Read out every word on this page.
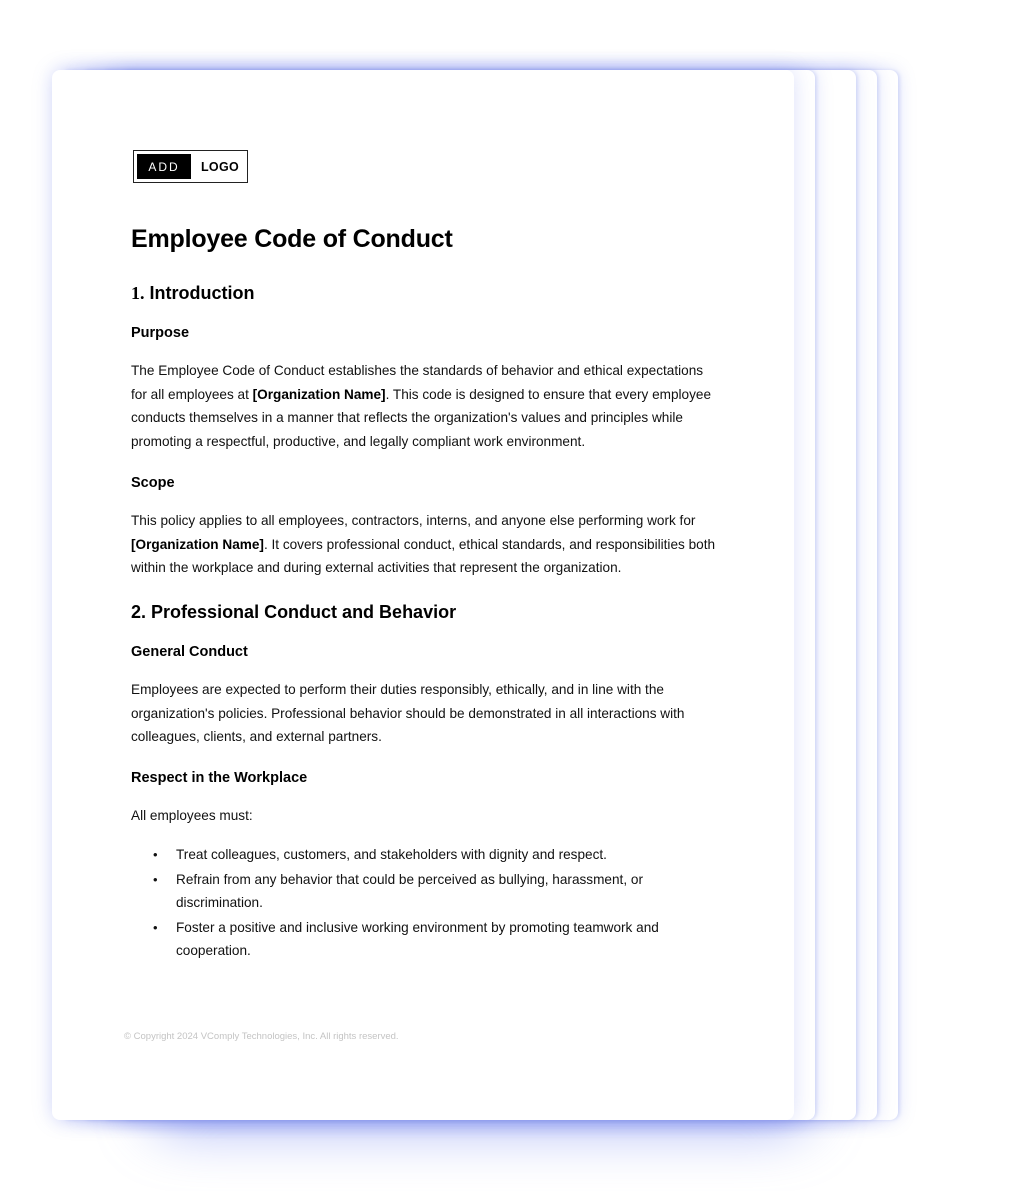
ADD	LOGO
Employee Code of Conduct
1. Introduction
Purpose

The Employee Code of Conduct establishes the standards of behavior and ethical expectations for all employees at [Organization Name]. This code is designed to ensure that every employee conducts themselves in a manner that reflects the organization's values and principles while promoting a respectful, productive, and legally compliant work environment.

Scope

This policy applies to all employees, contractors, interns, and anyone else performing work for [Organization Name]. It covers professional conduct, ethical standards, and responsibilities both within the workplace and during external activities that represent the organization.

2. Professional Conduct and Behavior
General Conduct

Employees are expected to perform their duties responsibly, ethically, and in line with the organization's policies. Professional behavior should be demonstrated in all interactions with colleagues, clients, and external partners.

Respect in the Workplace

All employees must:

• Treat colleagues, customers, and stakeholders with dignity and respect.
• Refrain from any behavior that could be perceived as bullying, harassment, or discrimination.
• Foster a positive and inclusive working environment by promoting teamwork and cooperation.

© Copyright 2024 VComply Technologies, Inc. All rights reserved.
